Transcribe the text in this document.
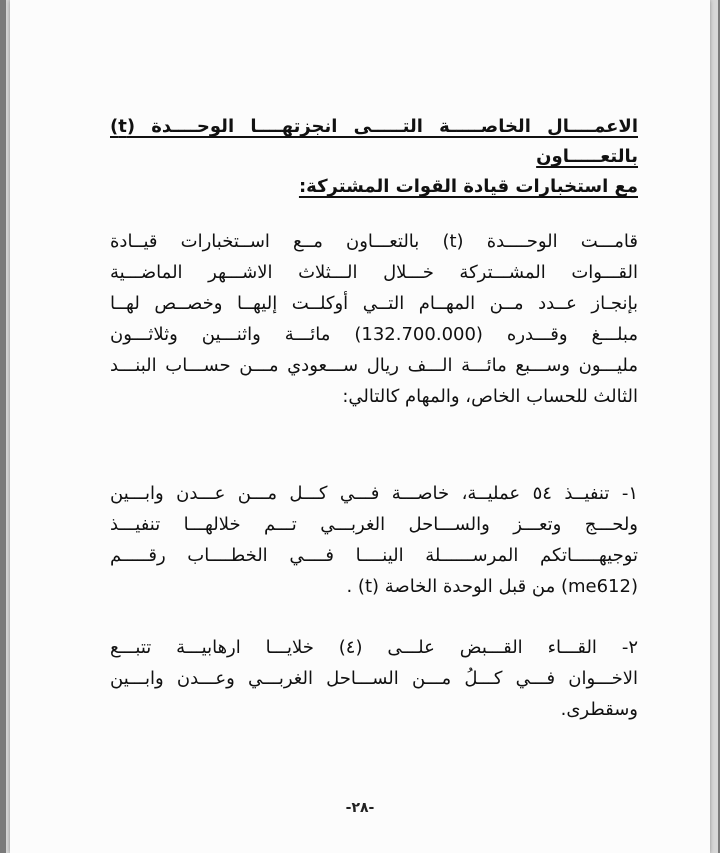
الاعمــــال الخاصـــــة التـــــى انجزتهــــا الوحــــدة (t) بالتعـــــاون
مع استخبارات قيادة القوات المشتركة:
قامـــت الوحــــدة (t) بالتعـــاون مــع اســتخبارات قيــادة
القـــوات المشـــتركة خـــلال الـــثلاث الاشـــهر الماضـــية
بإنجـاز عــدد مــن المهــام التــي أوكلــت إليهــا وخصــص لهــا
مبلـــغ وقـــدره (132.700.000) مائـــة واثنـــين وثلاثـــون
مليـــون وســـبع مائـــة الـــف ريال ســـعودي مـــن حســـاب البنـــد
الثالث للحساب الخاص، والمهام كالتالي:
١- تنفيــذ ٥٤ عمليــة، خاصـــة فـــي كـــل مـــن عـــدن وابـــين
ولحـــج وتعـــز والســـاحل الغربـــي تـــم خلالهـــا تنفيـــذ
توجيهـــــاتكم المرســــــلة الينــــا فــــي الخطــــاب رقـــــم
(me612) من قبل الوحدة الخاصة (t) .
٢- القـــاء القـــبض علـــى (٤) خلايـــا ارهابيـــة تتبـــع
الاخـــوان فـــي كـــلُ مـــن الســـاحل الغربـــي وعـــدن وابـــين
وسقطرى.
-٢٨-
